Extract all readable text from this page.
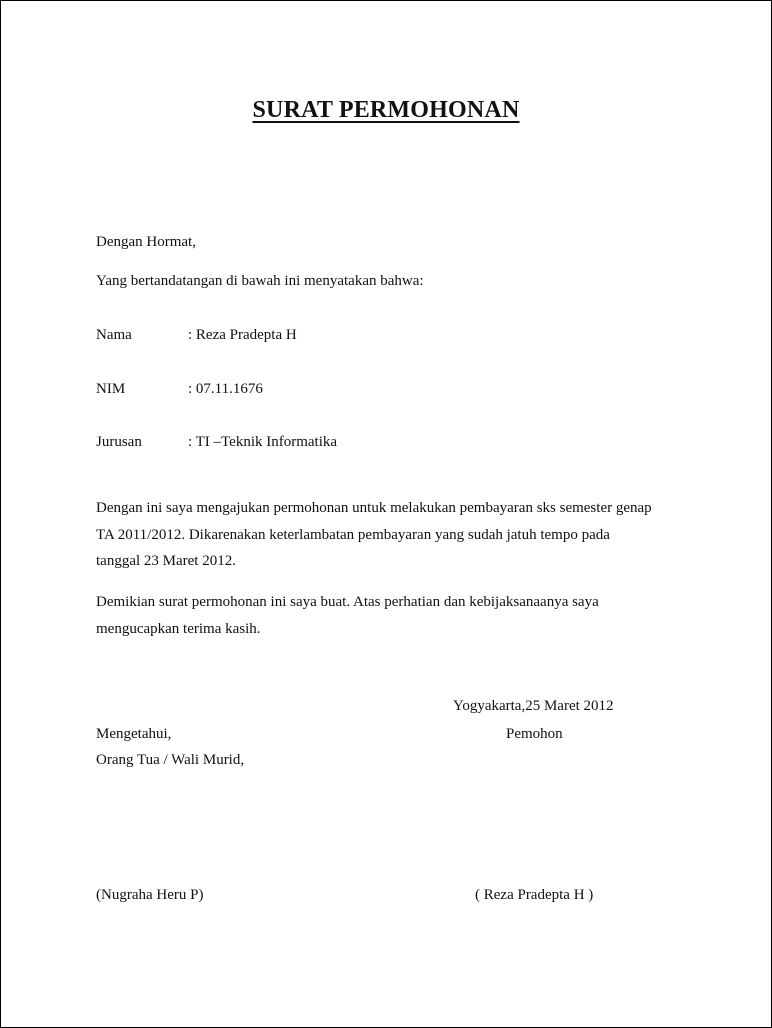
SURAT PERMOHONAN
Dengan Hormat,
Yang bertandatangan di bawah ini menyatakan bahwa:
Nama	: Reza Pradepta H
NIM	: 07.11.1676
Jurusan	: TI –Teknik Informatika
Dengan ini saya mengajukan permohonan untuk melakukan pembayaran sks semester genap
TA 2011/2012. Dikarenakan keterlambatan pembayaran yang sudah jatuh tempo pada
tanggal 23 Maret 2012.
Demikian surat permohonan ini saya buat. Atas perhatian dan kebijaksanaanya saya
mengucapkan terima kasih.
Yogyakarta,25 Maret 2012
Mengetahui,	Pemohon
Orang Tua / Wali Murid,
(Nugraha Heru P)	( Reza Pradepta H )
